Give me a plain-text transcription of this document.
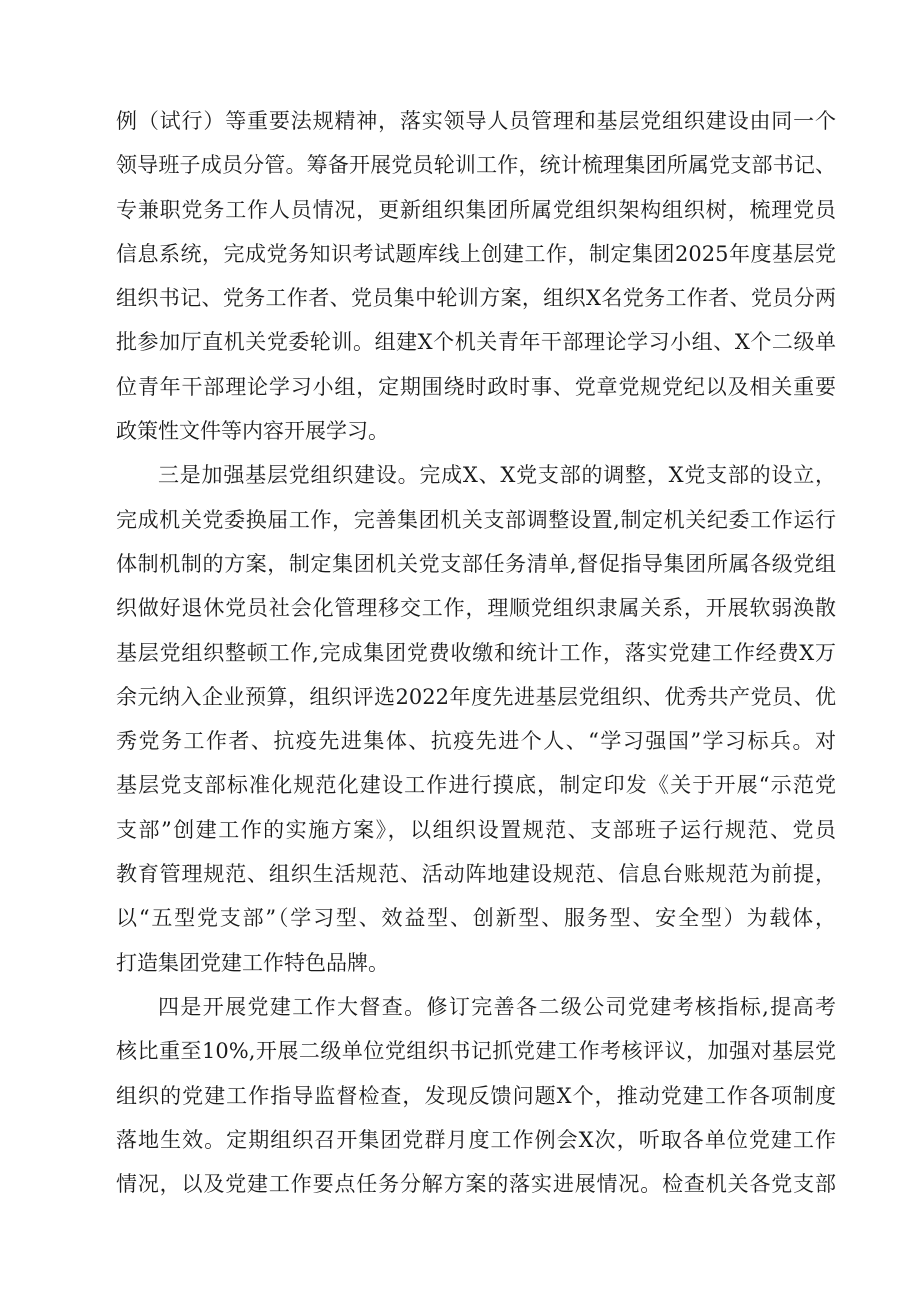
例（试行）等重要法规精神，落实领导人员管理和基层党组织建设由同一个
领导班子成员分管。筹备开展党员轮训工作，统计梳理集团所属党支部书记、
专兼职党务工作人员情况，更新组织集团所属党组织架构组织树，梳理党员
信息系统，完成党务知识考试题库线上创建工作，制定集团2025年度基层党
组织书记、党务工作者、党员集中轮训方案，组织X名党务工作者、党员分两
批参加厅直机关党委轮训。组建X个机关青年干部理论学习小组、X个二级单
位青年干部理论学习小组，定期围绕时政时事、党章党规党纪以及相关重要
政策性文件等内容开展学习。
三是加强基层党组织建设。完成X、X党支部的调整，X党支部的设立，
完成机关党委换届工作，完善集团机关支部调整设置,制定机关纪委工作运行
体制机制的方案，制定集团机关党支部任务清单,督促指导集团所属各级党组
织做好退休党员社会化管理移交工作，理顺党组织隶属关系，开展软弱涣散
基层党组织整顿工作,完成集团党费收缴和统计工作，落实党建工作经费X万
余元纳入企业预算，组织评选2022年度先进基层党组织、优秀共产党员、优
秀党务工作者、抗疫先进集体、抗疫先进个人、“学习强国”学习标兵。对
基层党支部标准化规范化建设工作进行摸底，制定印发《关于开展“示范党
支部”创建工作的实施方案》，以组织设置规范、支部班子运行规范、党员
教育管理规范、组织生活规范、活动阵地建设规范、信息台账规范为前提，
以“五型党支部”（学习型、效益型、创新型、服务型、安全型）为载体，
打造集团党建工作特色品牌。
四是开展党建工作大督查。修订完善各二级公司党建考核指标,提高考
核比重至10%,开展二级单位党组织书记抓党建工作考核评议，加强对基层党
组织的党建工作指导监督检查，发现反馈问题X个，推动党建工作各项制度
落地生效。定期组织召开集团党群月度工作例会X次，听取各单位党建工作
情况，以及党建工作要点任务分解方案的落实进展情况。检查机关各党支部
